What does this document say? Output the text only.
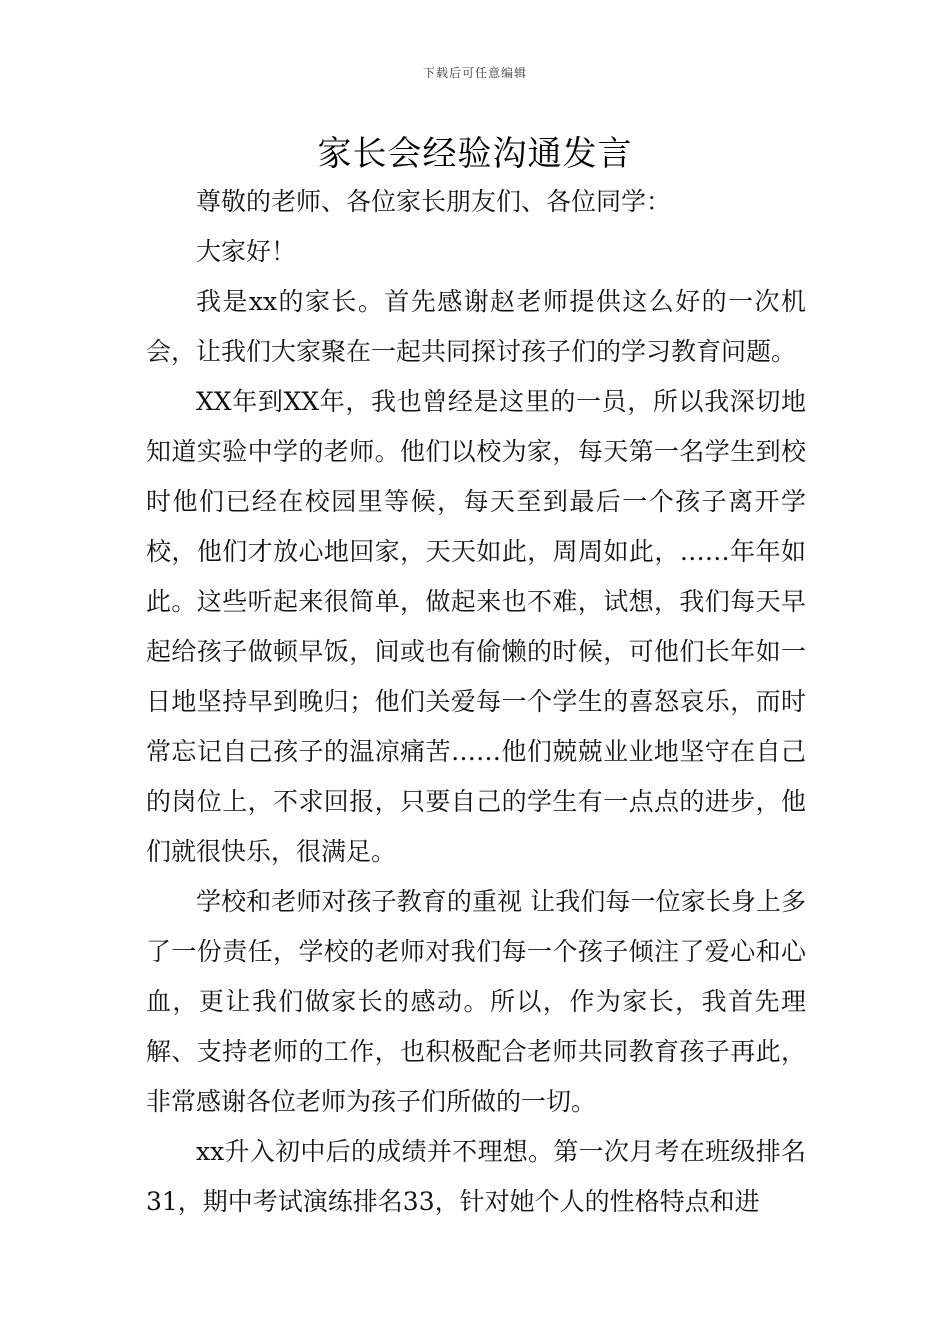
下载后可任意编辑
家长会经验沟通发言

尊敬的老师、各位家长朋友们、各位同学：

大家好！

我是xx的家长。首先感谢赵老师提供这么好的一次机会，让我们大家聚在一起共同探讨孩子们的学习教育问题。

XX年到XX年，我也曾经是这里的一员，所以我深切地知道实验中学的老师。他们以校为家，每天第一名学生到校时他们已经在校园里等候，每天至到最后一个孩子离开学校，他们才放心地回家，天天如此，周周如此，……年年如此。这些听起来很简单，做起来也不难，试想，我们每天早起给孩子做顿早饭，间或也有偷懒的时候，可他们长年如一日地坚持早到晚归；他们关爱每一个学生的喜怒哀乐，而时常忘记自己孩子的温凉痛苦……他们兢兢业业地坚守在自己的岗位上，不求回报，只要自己的学生有一点点的进步，他们就很快乐，很满足。

学校和老师对孩子教育的重视 让我们每一位家长身上多了一份责任，学校的老师对我们每一个孩子倾注了爱心和心血，更让我们做家长的感动。所以，作为家长，我首先理解、支持老师的工作，也积极配合老师共同教育孩子再此，非常感谢各位老师为孩子们所做的一切。

xx升入初中后的成绩并不理想。第一次月考在班级排名31，期中考试演练排名33，针对她个人的性格特点和进
